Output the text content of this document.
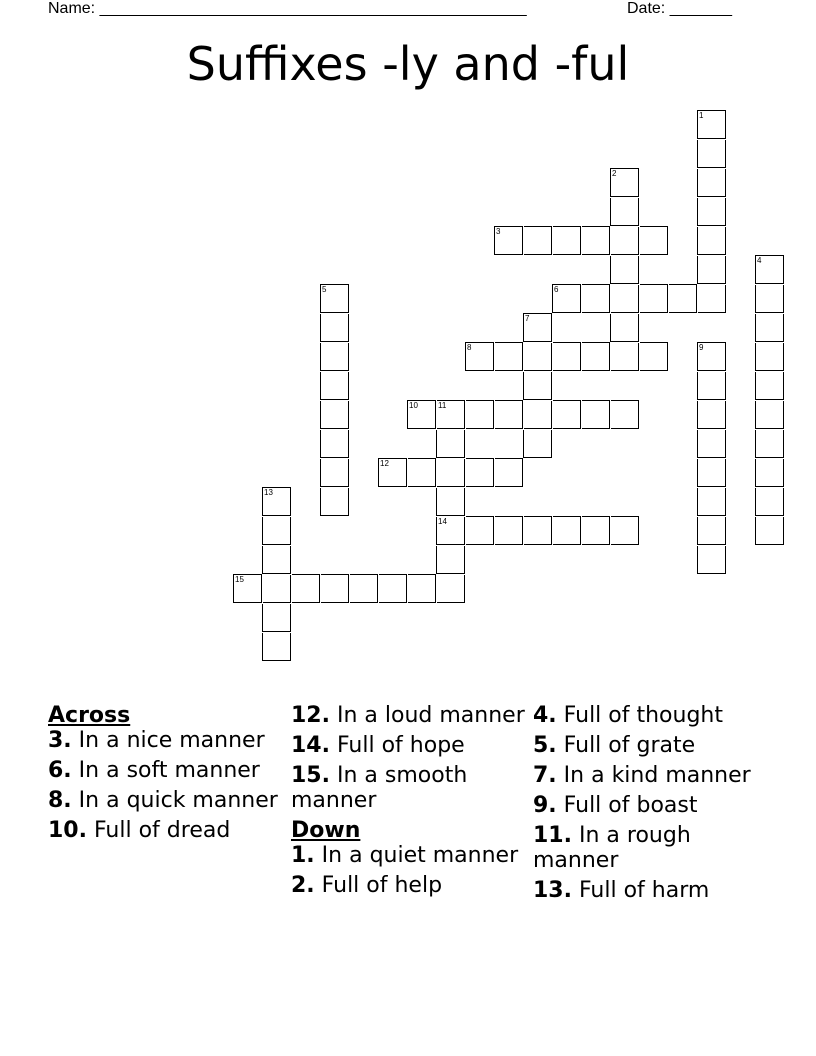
Name: ________________________________________________	Date: _______
Suffixes -ly and -ful
1
2
3
4
5	6
7
8	9
10	11
12
13
14
15
Across
3. In a nice manner
6. In a soft manner
8. In a quick manner
10. Full of dread
12. In a loud manner
14. Full of hope
15. In a smooth manner
Down
1. In a quiet manner
2. Full of help
4. Full of thought
5. Full of grate
7. In a kind manner
9. Full of boast
11. In a rough manner
13. Full of harm
